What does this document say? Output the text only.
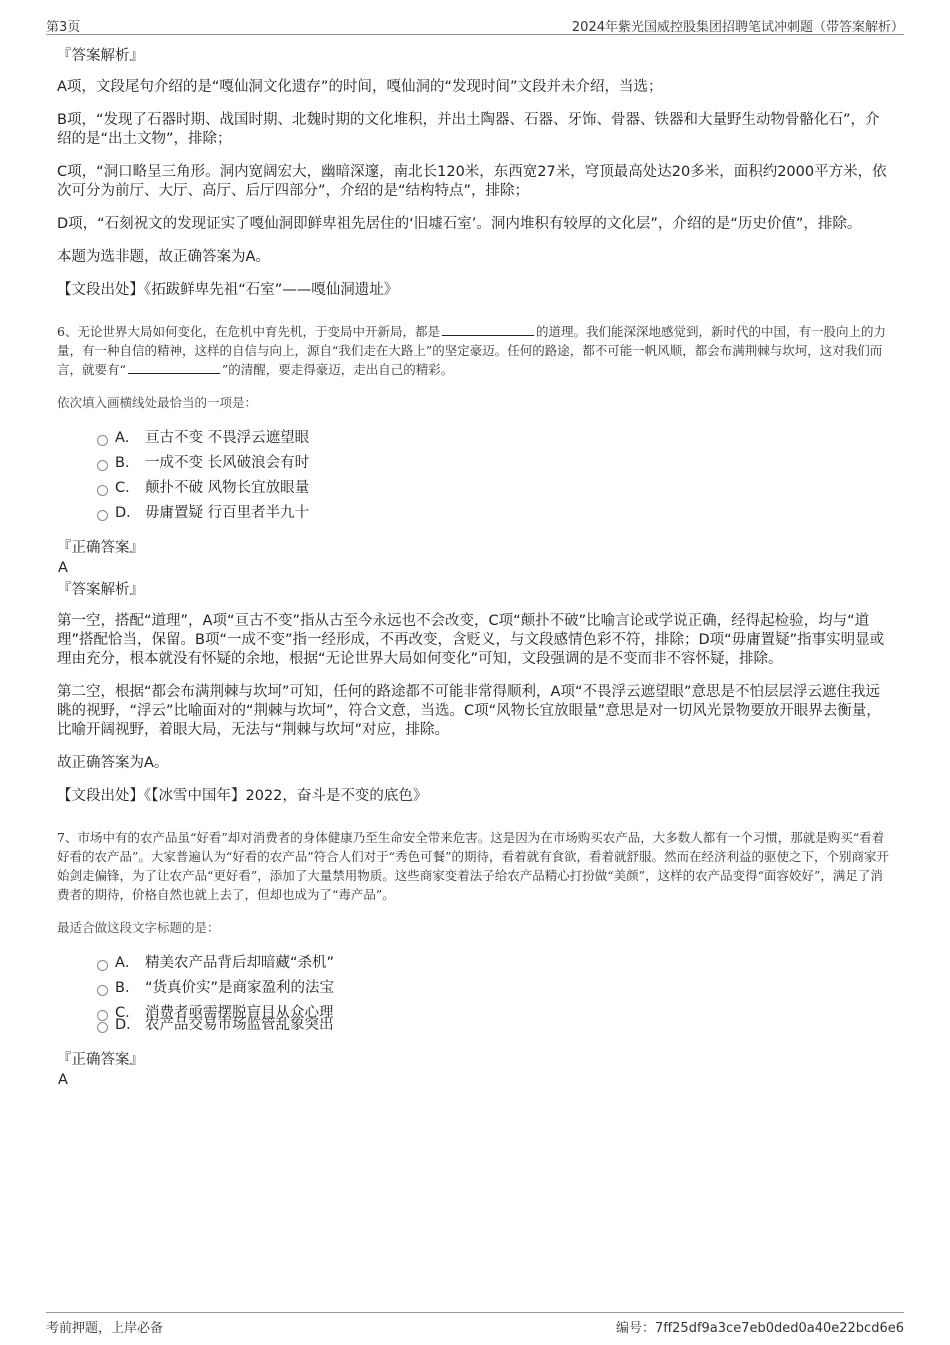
第3页	2024年紫光国威控股集团招聘笔试冲刺题（带答案解析）

『答案解析』

A项，文段尾句介绍的是“嘎仙洞文化遗存”的时间，嘎仙洞的“发现时间”文段并未介绍，当选；

B项，“发现了石器时期、战国时期、北魏时期的文化堆积，并出土陶器、石器、牙饰、骨器、铁器和大量野生动物骨骼化石”，介绍的是“出土文物”，排除；

C项，“洞口略呈三角形。洞内宽阔宏大，幽暗深邃，南北长120米，东西宽27米，穹顶最高处达20多米，面积约2000平方米，依次可分为前厅、大厅、高厅、后厅四部分”，介绍的是“结构特点”，排除；

D项，“石刻祝文的发现证实了嘎仙洞即鲜卑祖先居住的‘旧墟石室’。洞内堆积有较厚的文化层”，介绍的是“历史价值”，排除。

本题为选非题，故正确答案为A。

【文段出处】《拓跋鲜卑先祖“石室”——嘎仙洞遗址》

6、无论世界大局如何变化，在危机中育先机，于变局中开新局，都是	的道理。我们能深深地感觉到，新时代的中国，有一股向上的力量，有一种自信的精神，这样的自信与向上，源自“我们走在大路上”的坚定豪迈。任何的路途，都不可能一帆风顺，都会布满荆棘与坎坷，这对我们而言，就要有“	”的清醒，要走得豪迈，走出自己的精彩。

依次填入画横线处最恰当的一项是：

A． 亘古不变 不畏浮云遮望眼
B． 一成不变 长风破浪会有时
C． 颠扑不破 风物长宜放眼量
D． 毋庸置疑 行百里者半九十

『正确答案』

A

『答案解析』

第一空，搭配“道理”，A项“亘古不变”指从古至今永远也不会改变，C项“颠扑不破”比喻言论或学说正确，经得起检验，均与“道理”搭配恰当，保留。B项“一成不变”指一经形成，不再改变，含贬义，与文段感情色彩不符，排除；D项“毋庸置疑”指事实明显或理由充分，根本就没有怀疑的余地，根据“无论世界大局如何变化”可知，文段强调的是不变而非不容怀疑，排除。

第二空，根据“都会布满荆棘与坎坷”可知，任何的路途都不可能非常得顺利，A项“不畏浮云遮望眼”意思是不怕层层浮云遮住我远眺的视野，“浮云”比喻面对的“荆棘与坎坷”，符合文意，当选。C项“风物长宜放眼量”意思是对一切风光景物要放开眼界去衡量，比喻开阔视野，着眼大局，无法与“荆棘与坎坷”对应，排除。

故正确答案为A。

【文段出处】《【冰雪中国年】2022，奋斗是不变的底色》

7、市场中有的农产品虽“好看”却对消费者的身体健康乃至生命安全带来危害。这是因为在市场购买农产品，大多数人都有一个习惯，那就是购买“看着好看的农产品”。大家普遍认为“好看的农产品”符合人们对于“秀色可餐”的期待，看着就有食欲，看着就舒服。然而在经济利益的驱使之下，个别商家开始剑走偏锋，为了让农产品“更好看”，添加了大量禁用物质。这些商家变着法子给农产品精心打扮做“美颜”，这样的农产品变得“面容姣好”，满足了消费者的期待，价格自然也就上去了，但却也成为了“毒产品”。

最适合做这段文字标题的是：

A． 精美农产品背后却暗藏“杀机”
B． “货真价实”是商家盈利的法宝
C． 消费者亟需摆脱盲目从众心理
D． 农产品交易市场监管乱象突出

『正确答案』

A

考前押题，上岸必备	编号：7ff25df9a3ce7eb0ded0a40e22bcd6e6
